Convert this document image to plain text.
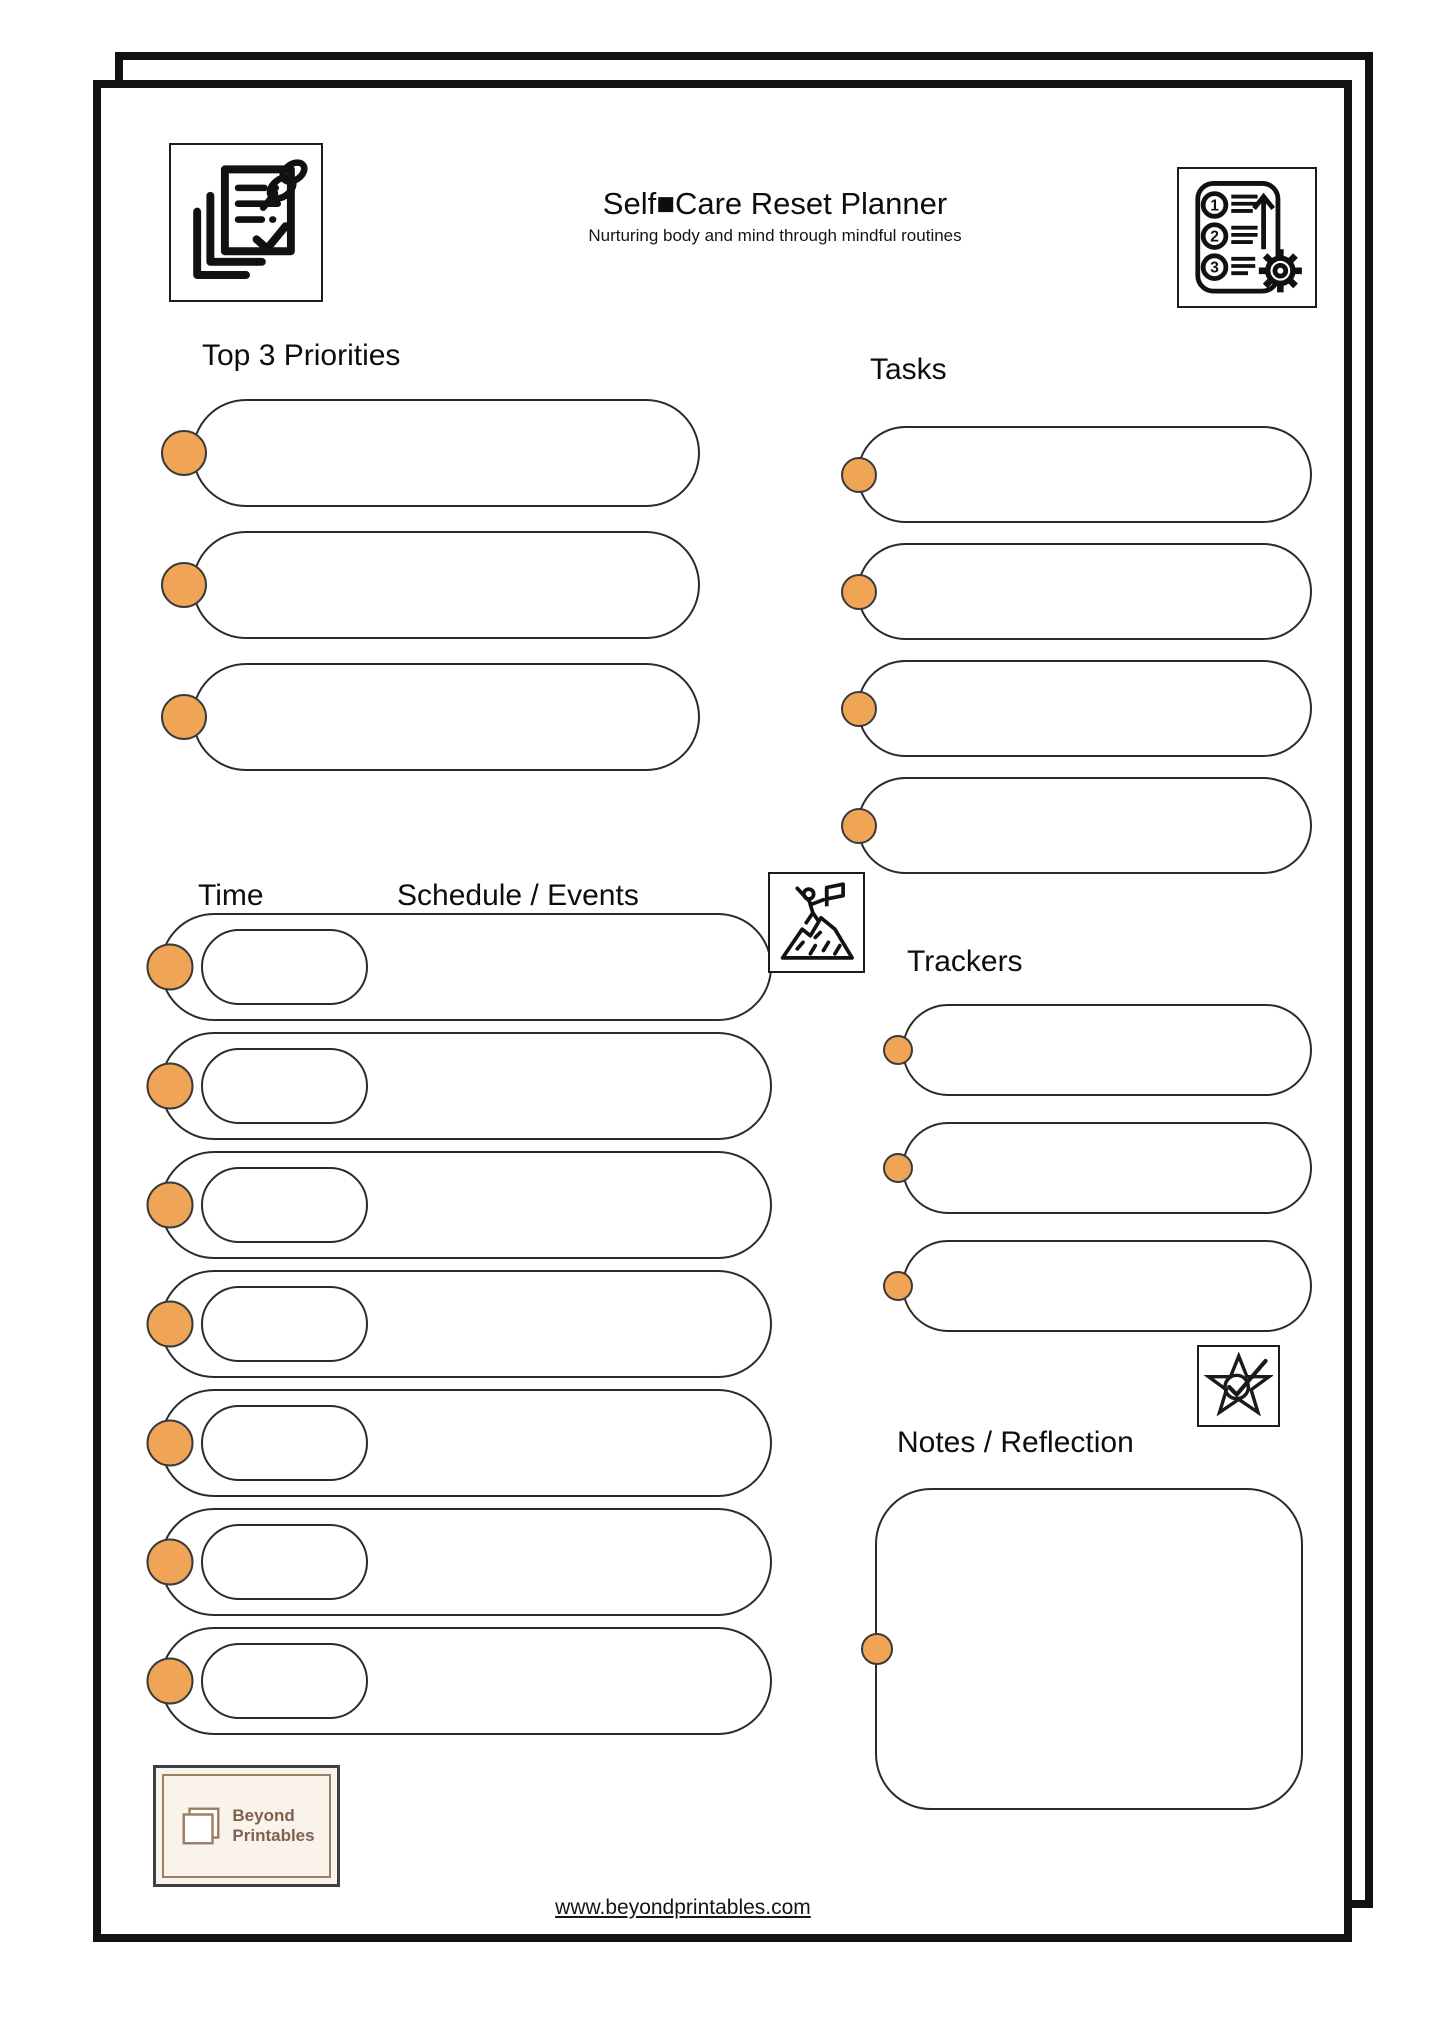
Self■Care Reset Planner
Nurturing body and mind through mindful routines
1
2
3
Top 3 Priorities	Tasks
Time	Schedule / Events
Trackers
Notes / Reflection
Beyond
Printables
www.beyondprintables.com
